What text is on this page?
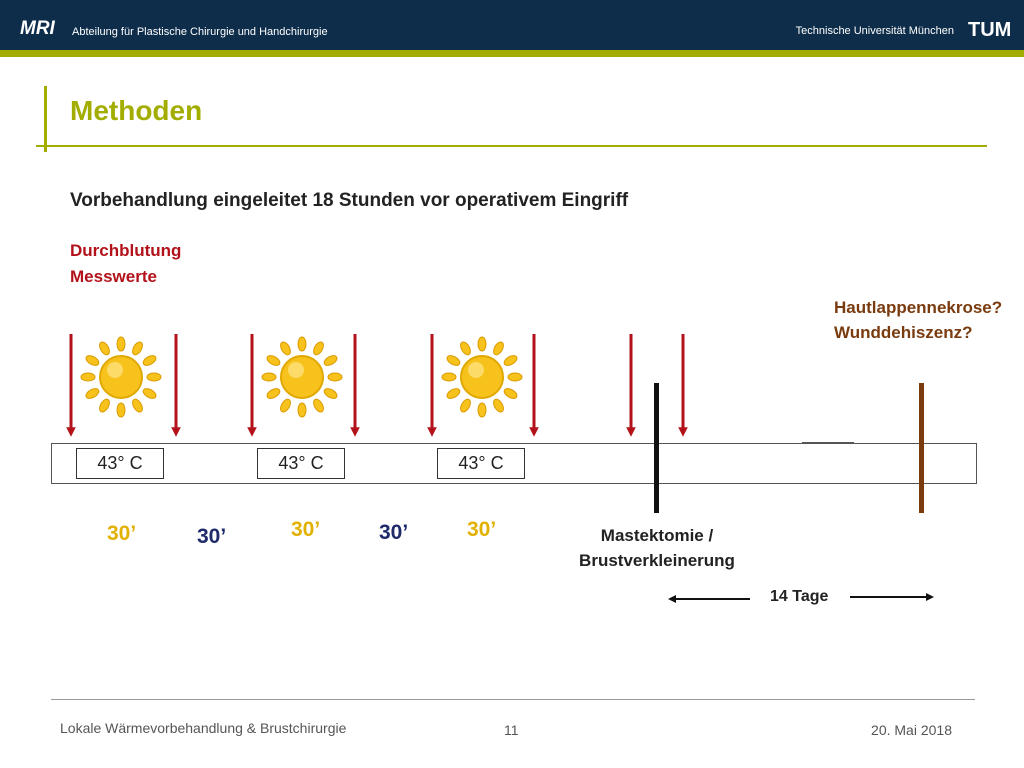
MRI Abteilung für Plastische Chirurgie und Handchirurgie	Technische Universität München TUM
Methoden
Vorbehandlung eingeleitet 18 Stunden vor operativem Eingriff
Durchblutung
Messwerte
Hautlappennekrose?
Wunddehiszenz?
43° C	43° C	43° C
30’	30’	30’	30’	30’	Mastektomie /
Brustverkleinerung
14 Tage
Lokale Wärmevorbehandlung & Brustchirurgie	11	20. Mai 2018
